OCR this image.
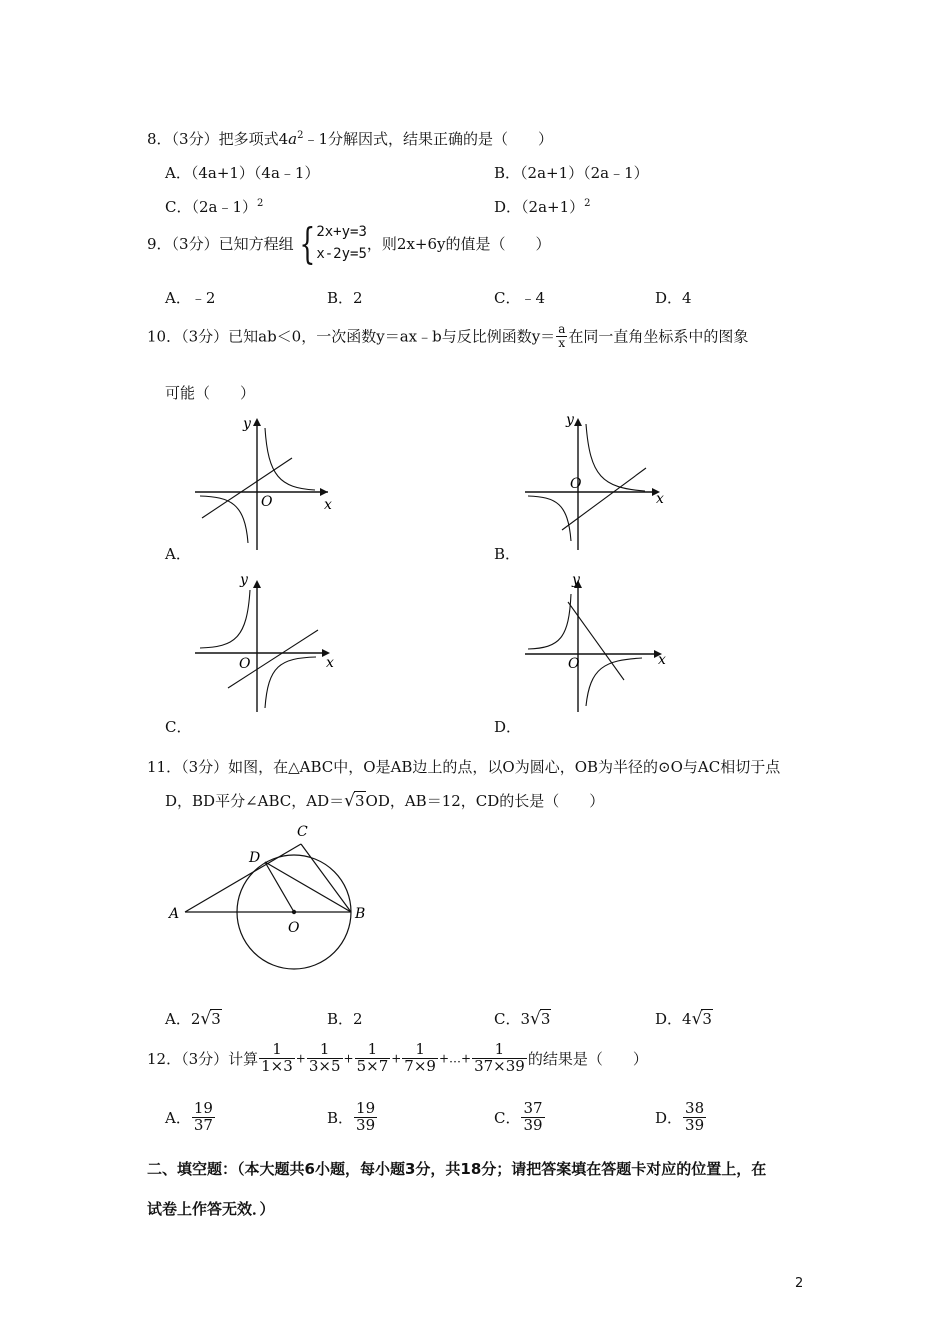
8．（3分）把多项式$4a^2﹣1$分解因式，结果正确的是（　　）
A．（4a+1）（4a﹣1）	B．（2a+1）（2a﹣1）
C．（2a﹣1）$^2$	D．$(2a+1)^2$
9．（3分）已知方程组 { 2x+y=3
x-2y=5
，则2x+6y的值是（　　）
A．﹣2	B．2	C．﹣4	D．4
10．（3分）已知ab＜0，一次函数y＝ax﹣b与反比例函数$y= \frac{a}{x}$ 在同一直角坐标系中的图象
可能（　　）
y
x
O
A．
y
x
O
B．
y
x
O
C．
y
x
O
D．
11．（3分）如图，在△ABC中，O是AB边上的点，以O为圆心，OB为半径的⊙O与AC相切于点
D，BD平分∠ABC，AD＝√3OD，AB＝12，CD的长是（　　）
A	B
C
D
O
A．2√3	B．2	C．3√3	D．4√3
12．（3分）计算 $\frac{1}{1\times 3} + \frac{1}{3\times 5} + \frac{1}{5\times 7} + \frac{1}{7\times 9}$ +…+ $\frac{1}{37\times 39}$ 的结果是（　　）
A． $\frac{19}{37}$	B． $\frac{19}{39}$	C． $\frac{37}{39}$	D． $\frac{38}{39}$
二、填空题：（本大题共6小题，每小题3分，共18分；请把答案填在答题卡对应的位置上，在
试卷上作答无效．）
2
